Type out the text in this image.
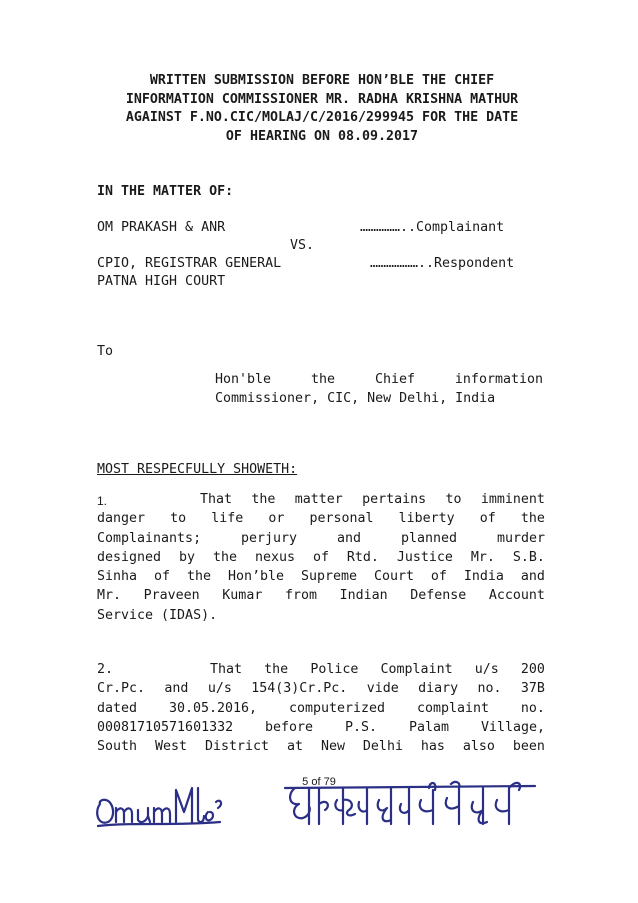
WRITTEN SUBMISSION BEFORE HON’BLE THE CHIEF
INFORMATION COMMISSIONER MR. RADHA KRISHNA MATHUR
AGAINST F.NO.CIC/MOLAJ/C/2016/299945 FOR THE DATE
OF HEARING ON 08.09.2017
IN THE MATTER OF:
OM PRAKASH & ANR	……………..Complainant
VS.
CPIO, REGISTRAR GENERAL	………………..Respondent
PATNA HIGH COURT
To
Hon'ble	the	Chief	information
Commissioner, CIC, New Delhi, India
MOST RESPECFULLY SHOWETH:
1.	That the matter pertains to imminent
danger to life or personal liberty of the
Complainants;	perjury	and	planned	murder
designed by the nexus of Rtd. Justice Mr. S.B.
Sinha of the Hon’ble Supreme Court of India and
Mr. Praveen Kumar from Indian Defense Account
Service (IDAS).
2.	That the Police Complaint u/s 200
Cr.Pc. and u/s 154(3)Cr.Pc. vide diary no. 37B
dated 30.05.2016, computerized complaint no.
00081710571601332 before P.S. Palam Village,
South West District at New Delhi has also been
5 of 79
